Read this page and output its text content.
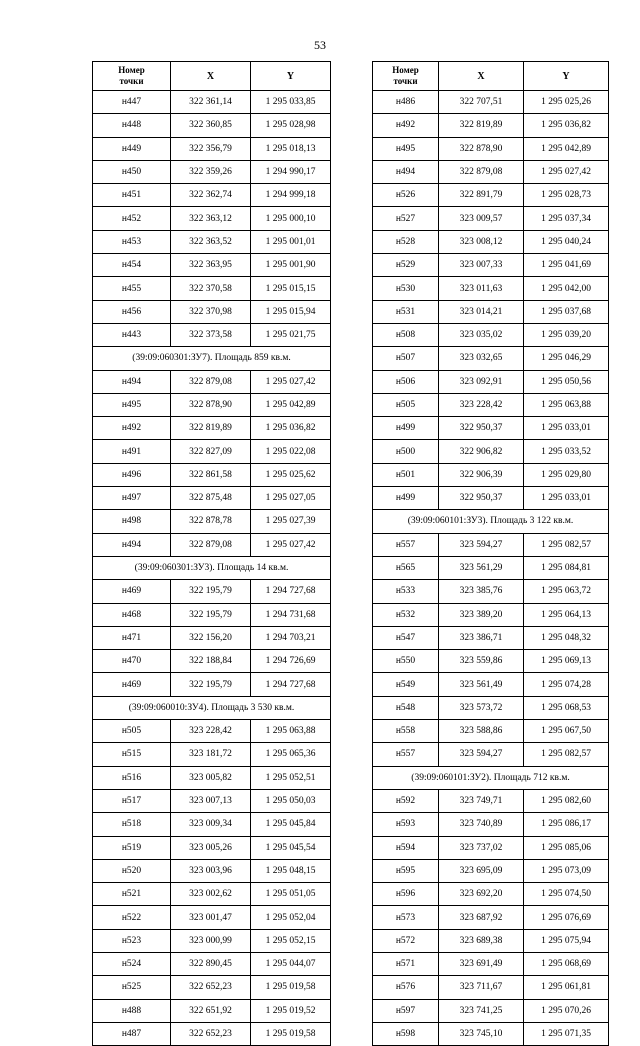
53
Номер
точки	X	Y
н447	322 361,14	1 295 033,85
н448	322 360,85	1 295 028,98
н449	322 356,79	1 295 018,13
н450	322 359,26	1 294 990,17
н451	322 362,74	1 294 999,18
н452	322 363,12	1 295 000,10
н453	322 363,52	1 295 001,01
н454	322 363,95	1 295 001,90
н455	322 370,58	1 295 015,15
н456	322 370,98	1 295 015,94
н443	322 373,58	1 295 021,75
(39:09:060301:ЗУ7). Площадь 859 кв.м.		
н494	322 879,08	1 295 027,42
н495	322 878,90	1 295 042,89
н492	322 819,89	1 295 036,82
н491	322 827,09	1 295 022,08
н496	322 861,58	1 295 025,62
н497	322 875,48	1 295 027,05
н498	322 878,78	1 295 027,39
н494	322 879,08	1 295 027,42
(39:09:060301:ЗУ3). Площадь 14 кв.м.		
н469	322 195,79	1 294 727,68
н468	322 195,79	1 294 731,68
н471	322 156,20	1 294 703,21
н470	322 188,84	1 294 726,69
н469	322 195,79	1 294 727,68
(39:09:060010:ЗУ4). Площадь 3 530 кв.м.		
н505	323 228,42	1 295 063,88
н515	323 181,72	1 295 065,36
н516	323 005,82	1 295 052,51
н517	323 007,13	1 295 050,03
н518	323 009,34	1 295 045,84
н519	323 005,26	1 295 045,54
н520	323 003,96	1 295 048,15
н521	323 002,62	1 295 051,05
н522	323 001,47	1 295 052,04
н523	323 000,99	1 295 052,15
н524	322 890,45	1 295 044,07
н525	322 652,23	1 295 019,58
н488	322 651,92	1 295 019,52
н487	322 652,23	1 295 019,58
Номер
точки	X	Y
н486	322 707,51	1 295 025,26
н492	322 819,89	1 295 036,82
н495	322 878,90	1 295 042,89
н494	322 879,08	1 295 027,42
н526	322 891,79	1 295 028,73
н527	323 009,57	1 295 037,34
н528	323 008,12	1 295 040,24
н529	323 007,33	1 295 041,69
н530	323 011,63	1 295 042,00
н531	323 014,21	1 295 037,68
н508	323 035,02	1 295 039,20
н507	323 032,65	1 295 046,29
н506	323 092,91	1 295 050,56
н505	323 228,42	1 295 063,88
н499	322 950,37	1 295 033,01
н500	322 906,82	1 295 033,52
н501	322 906,39	1 295 029,80
н499	322 950,37	1 295 033,01
(39:09:060101:ЗУ3). Площадь 3 122 кв.м.		
н557	323 594,27	1 295 082,57
н565	323 561,29	1 295 084,81
н533	323 385,76	1 295 063,72
н532	323 389,20	1 295 064,13
н547	323 386,71	1 295 048,32
н550	323 559,86	1 295 069,13
н549	323 561,49	1 295 074,28
н548	323 573,72	1 295 068,53
н558	323 588,86	1 295 067,50
н557	323 594,27	1 295 082,57
(39:09:060101:ЗУ2). Площадь 712 кв.м.		
н592	323 749,71	1 295 082,60
н593	323 740,89	1 295 086,17
н594	323 737,02	1 295 085,06
н595	323 695,09	1 295 073,09
н596	323 692,20	1 295 074,50
н573	323 687,92	1 295 076,69
н572	323 689,38	1 295 075,94
н571	323 691,49	1 295 068,69
н576	323 711,67	1 295 061,81
н597	323 741,25	1 295 070,26
н598	323 745,10	1 295 071,35
